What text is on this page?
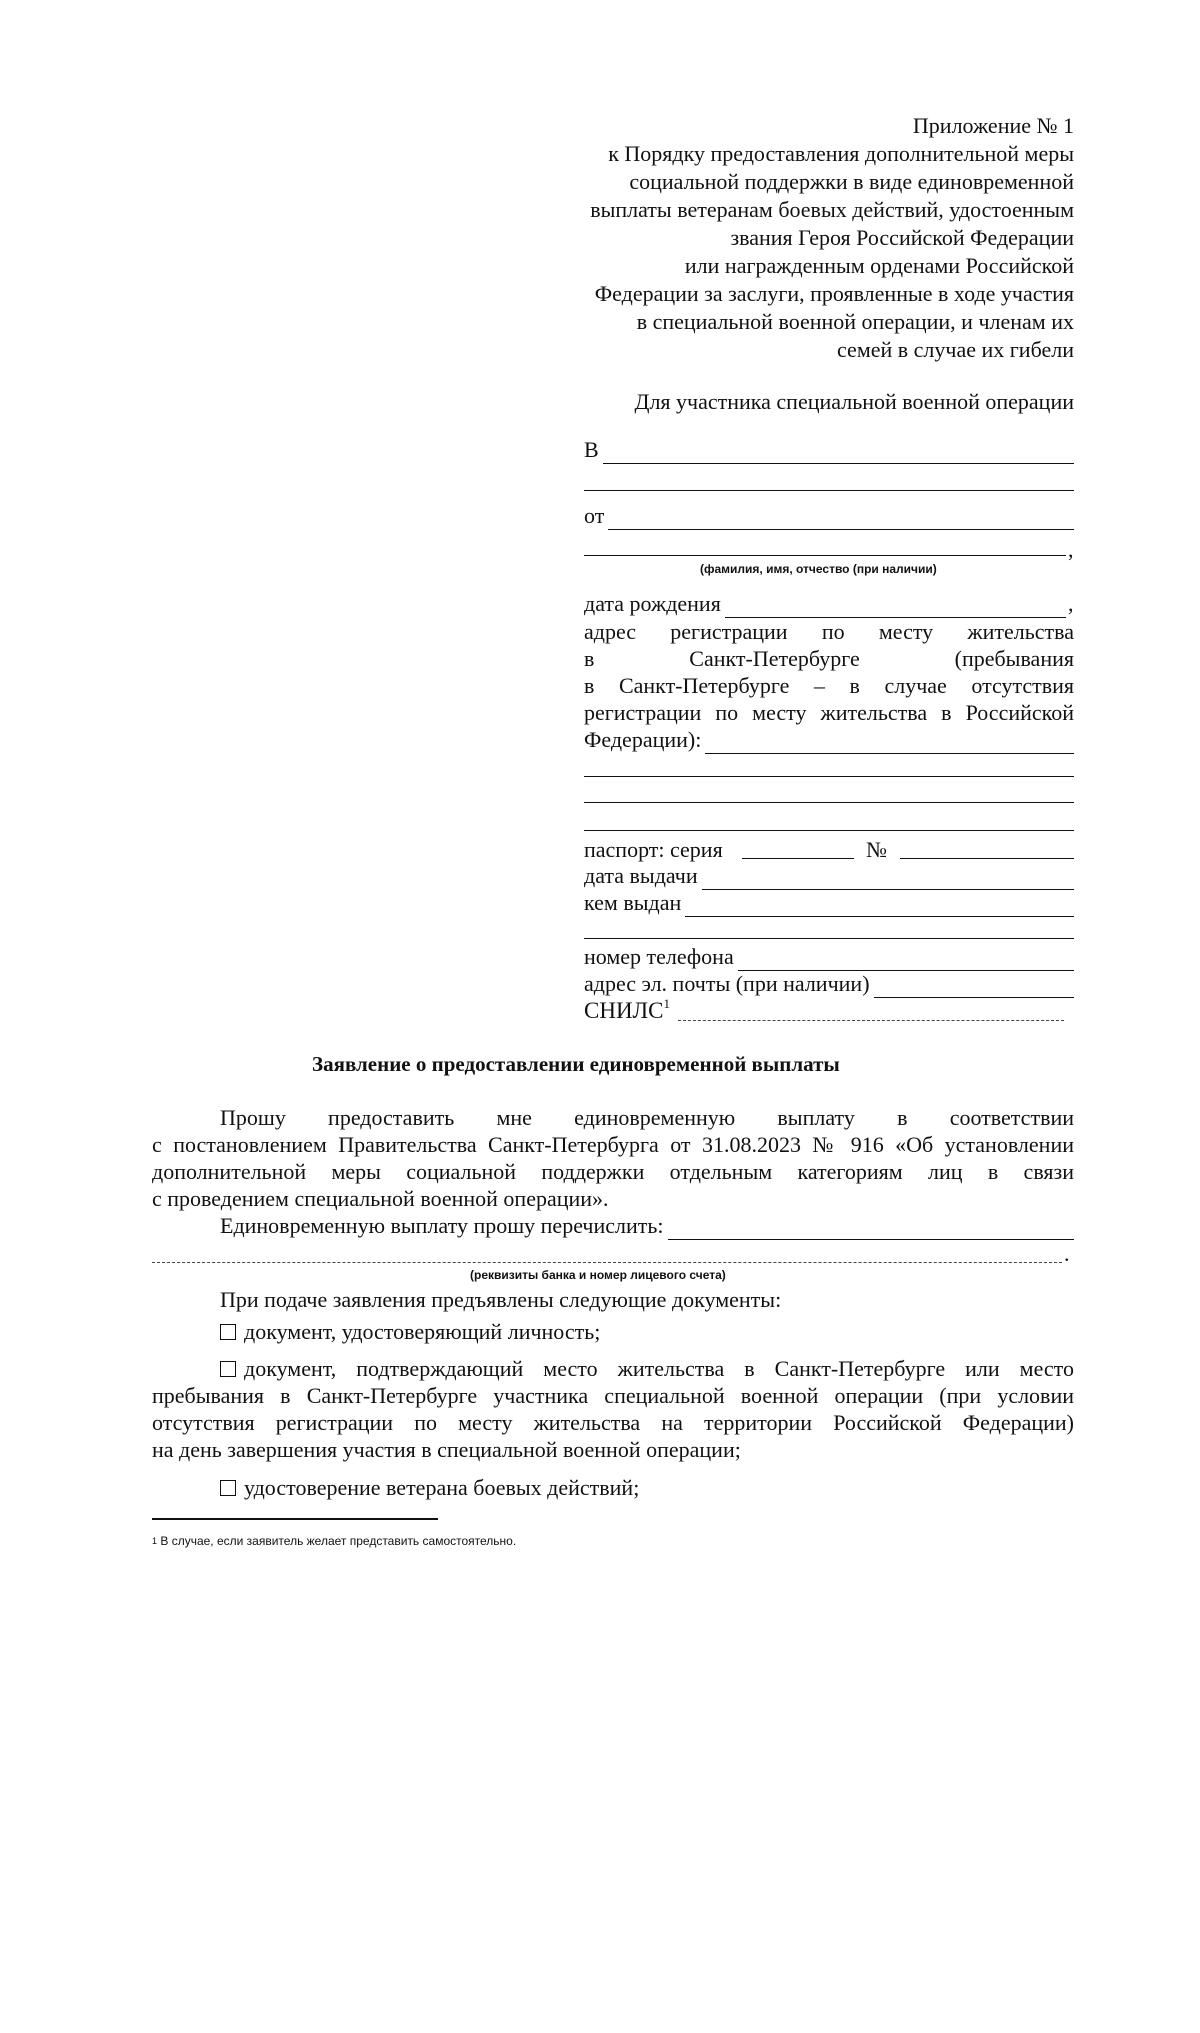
Приложение № 1
к Порядку предоставления дополнительной меры
социальной поддержки в виде единовременной
выплаты ветеранам боевых действий, удостоенным
звания Героя Российской Федерации
или награжденным орденами Российской
Федерации за заслуги, проявленные в ходе участия
в специальной военной операции, и членам их
семей в случае их гибели
Для участника специальной военной операции
В
от
,
(фамилия, имя, отчество (при наличии)
дата рождения	,
адрес регистрации по месту жительства
в Санкт-Петербурге (пребывания
в Санкт-Петербурге – в случае отсутствия
регистрации по месту жительства в Российской
Федерации):
паспорт: серия	№
дата выдачи
кем выдан
номер телефона
адрес эл. почты (при наличии)
СНИЛС$^1$
Заявление о предоставлении единовременной выплаты
Прошу предоставить мне единовременную выплату в соответствии
с постановлением Правительства Санкт-Петербурга от 31.08.2023 № 916 «Об установлении
дополнительной меры социальной поддержки отдельным категориям лиц в связи
с проведением специальной военной операции».
Единовременную выплату прошу перечислить:
.
(реквизиты банка и номер лицевого счета)
При подаче заявления предъявлены следующие документы:
документ, удостоверяющий личность;
документ, подтверждающий место жительства в Санкт-Петербурге или место
пребывания в Санкт-Петербурге участника специальной военной операции (при условии
отсутствия регистрации по месту жительства на территории Российской Федерации)
на день завершения участия в специальной военной операции;
удостоверение ветерана боевых действий;
$^1$ В случае, если заявитель желает представить самостоятельно.
